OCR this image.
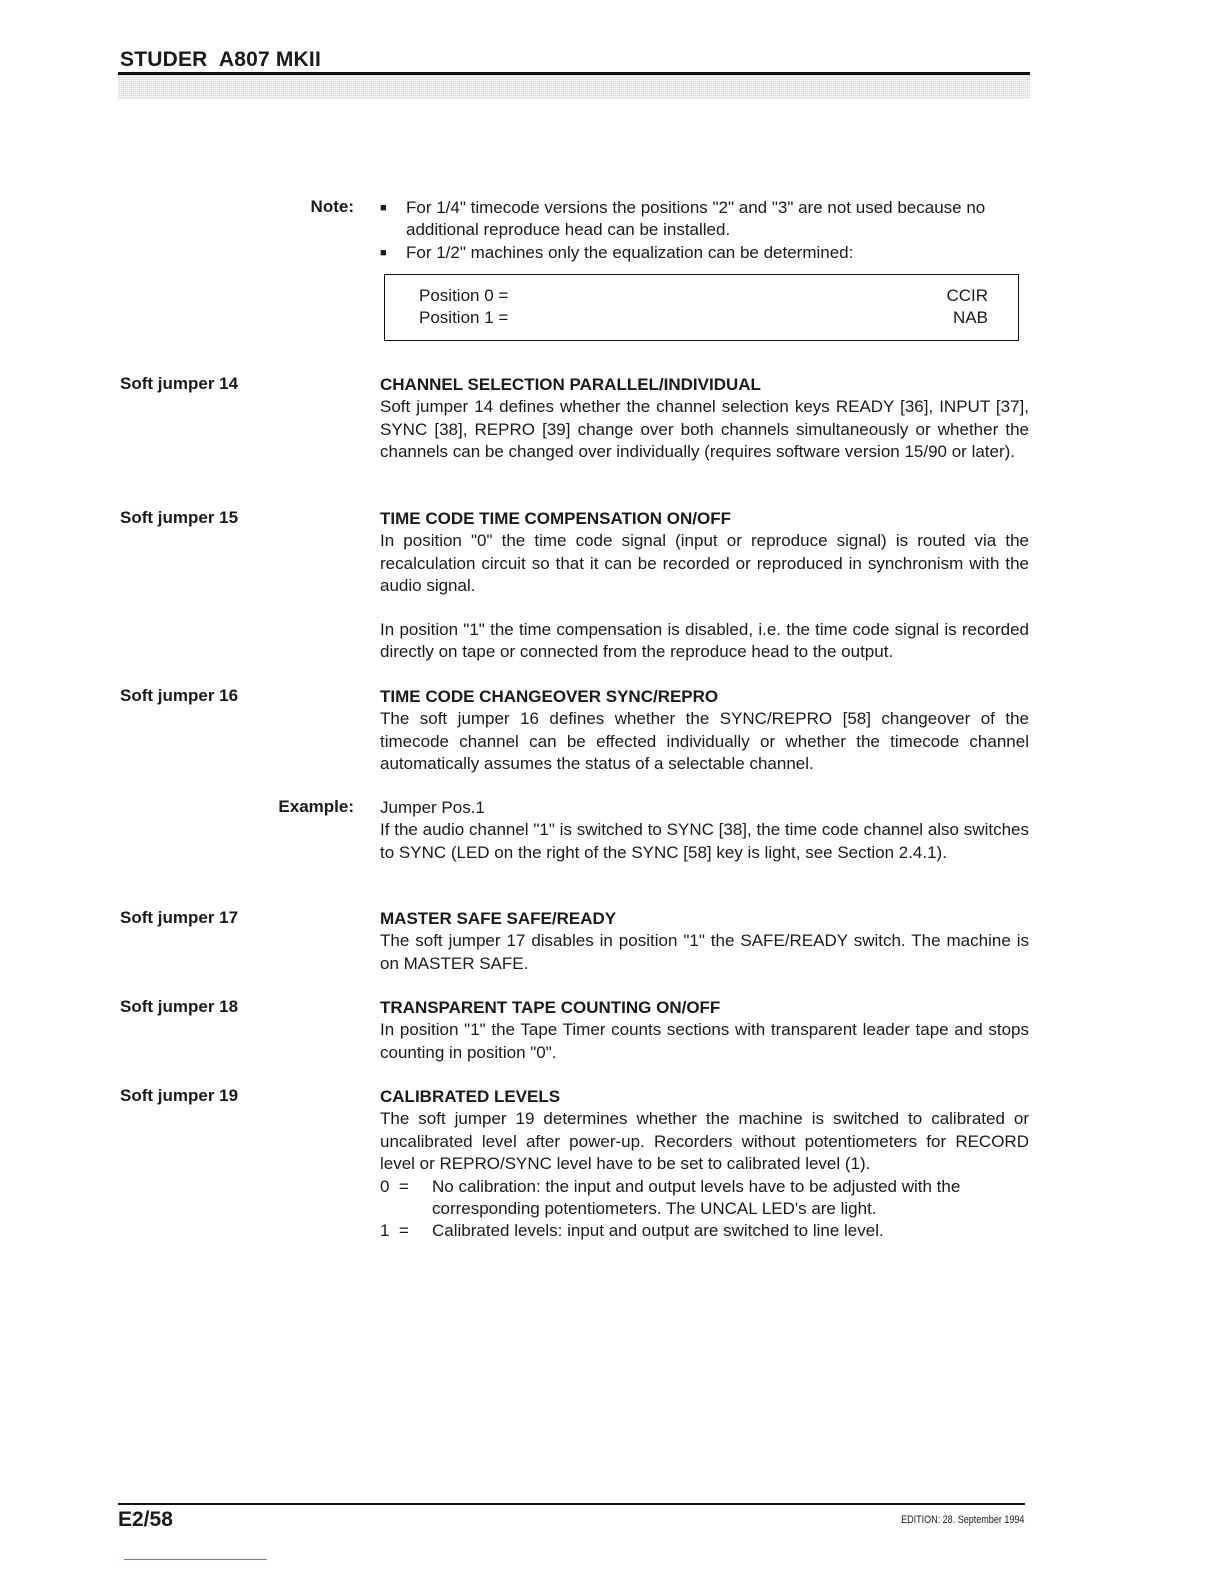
STUDER  A807 MKII
Note: ■	For 1/4" timecode versions the positions "2" and "3" are not used because no additional reproduce head can be installed.
■	For 1/2" machines only the equalization can be determined:
Position 0 =	CCIR
Position 1 =	NAB
Soft jumper 14	CHANNEL SELECTION PARALLEL/INDIVIDUAL
Soft jumper 14 defines whether the channel selection keys READY [36], INPUT [37], SYNC [38], REPRO [39] change over both channels simultaneously or whether the channels can be changed over individually (requires software version 15/90 or later).
Soft jumper 15	TIME CODE TIME COMPENSATION ON/OFF
In position "0" the time code signal (input or reproduce signal) is routed via the recalculation circuit so that it can be recorded or reproduced in synchronism with the audio signal.
In position "1" the time compensation is disabled, i.e. the time code signal is recorded directly on tape or connected from the reproduce head to the output.
Soft jumper 16	TIME CODE CHANGEOVER SYNC/REPRO
The soft jumper 16 defines whether the SYNC/REPRO [58] changeover of the timecode channel can be effected individually or whether the timecode channel automatically assumes the status of a selectable channel.
Example: Jumper Pos.1
If the audio channel "1" is switched to SYNC [38], the time code channel also switches to SYNC (LED on the right of the SYNC [58] key is light, see Section 2.4.1).
Soft jumper 17	MASTER SAFE SAFE/READY
The soft jumper 17 disables in position "1" the SAFE/READY switch. The machine is on MASTER SAFE.
Soft jumper 18	TRANSPARENT TAPE COUNTING ON/OFF
In position "1" the Tape Timer counts sections with transparent leader tape and stops counting in position "0".
Soft jumper 19	CALIBRATED LEVELS
The soft jumper 19 determines whether the machine is switched to calibrated or uncalibrated level after power-up. Recorders without potentiometers for RECORD level or REPRO/SYNC level have to be set to calibrated level (1).
0  =	No calibration: the input and output levels have to be adjusted with the corresponding potentiometers. The UNCAL LED's are light.
1  =	Calibrated levels: input and output are switched to line level.
E2/58	EDITION: 28. September 1994
